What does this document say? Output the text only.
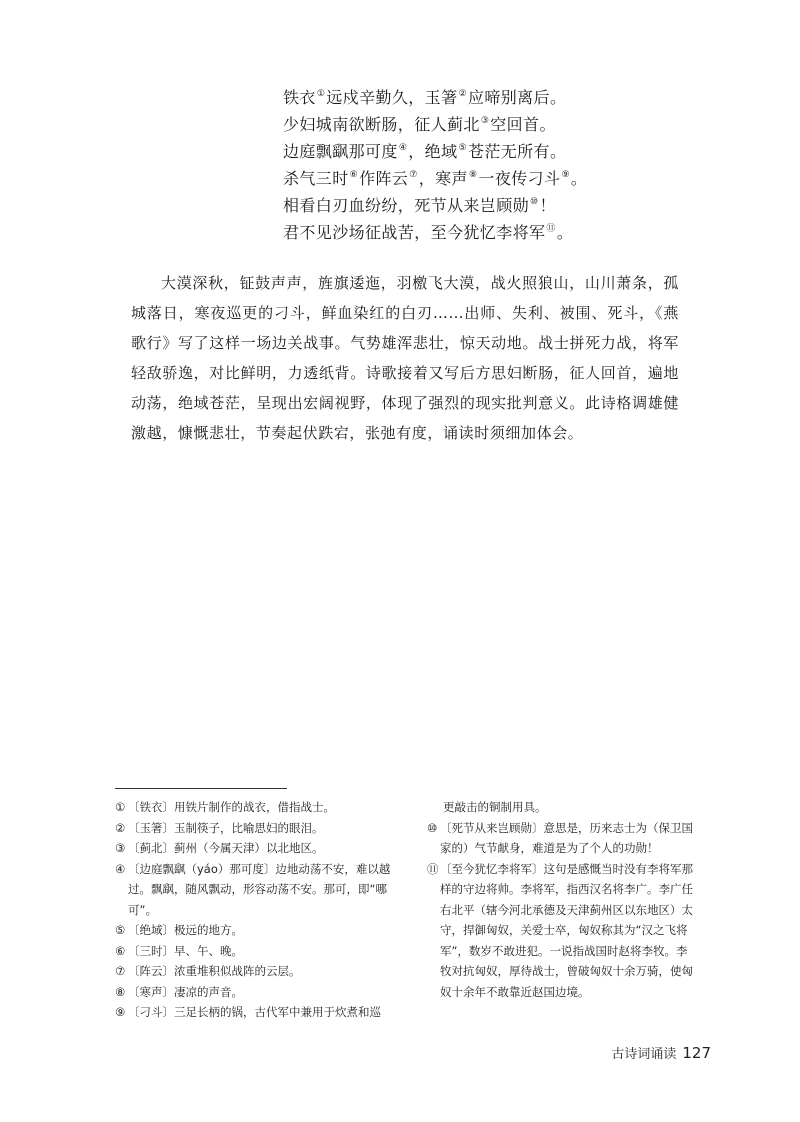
铁衣①远戍辛勤久，玉箸②应啼别离后。
少妇城南欲断肠，征人蓟北③空回首。
边庭飘飖那可度④，绝域⑤苍茫无所有。
杀气三时⑥作阵云⑦，寒声⑧一夜传刁斗⑨。
相看白刃血纷纷，死节从来岂顾勋⑩！
君不见沙场征战苦，至今犹忆李将军⑪。

大漠深秋，钲鼓声声，旌旗逶迤，羽檄飞大漠，战火照狼山，山川萧条，孤城落日，寒夜巡更的刁斗，鲜血染红的白刃……出师、失利、被围、死斗，《燕歌行》写了这样一场边关战事。气势雄浑悲壮，惊天动地。战士拼死力战，将军轻敌骄逸，对比鲜明，力透纸背。诗歌接着又写后方思妇断肠，征人回首，遍地动荡，绝域苍茫，呈现出宏阔视野，体现了强烈的现实批判意义。此诗格调雄健激越，慷慨悲壮，节奏起伏跌宕，张弛有度，诵读时须细加体会。

① 〔铁衣〕用铁片制作的战衣，借指战士。

② 〔玉箸〕玉制筷子，比喻思妇的眼泪。

③ 〔蓟北〕蓟州（今属天津）以北地区。

④ 〔边庭飘飖（yáo）那可度〕边地动荡不安，难以越过。飘飖，随风飘动，形容动荡不安。那可，即“哪可”。

⑤ 〔绝域〕极远的地方。

⑥ 〔三时〕早、午、晚。

⑦ 〔阵云〕浓重堆积似战阵的云层。

⑧ 〔寒声〕凄凉的声音。

⑨ 〔刁斗〕三足长柄的锅，古代军中兼用于炊煮和巡

更敲击的铜制用具。

⑩ 〔死节从来岂顾勋〕意思是，历来志士为（保卫国家的）气节献身，难道是为了个人的功勋！

⑪ 〔至今犹忆李将军〕这句是感慨当时没有李将军那样的守边将帅。李将军，指西汉名将李广。李广任右北平（辖今河北承德及天津蓟州区以东地区）太守，捍御匈奴，关爱士卒，匈奴称其为“汉之飞将军”，数岁不敢进犯。一说指战国时赵将李牧。李牧对抗匈奴，厚待战士，曾破匈奴十余万骑，使匈奴十余年不敢靠近赵国边境。

古诗词诵读 127
